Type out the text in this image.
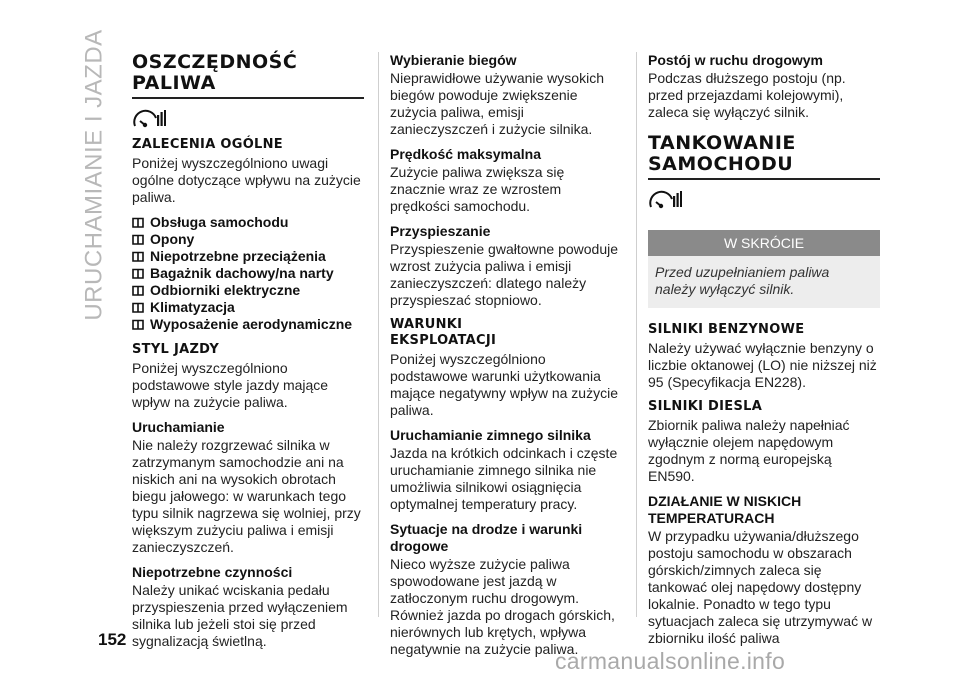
URUCHAMIANIE I JAZDA OSZCZĘDNOŚĆ
PALIWA
ZALECENIA OGÓLNE

Poniżej wyszczególniono uwagi ogólne dotyczące wpływu na zużycie paliwa.

Obsługa samochodu
Opony
Niepotrzebne przeciążenia
Bagażnik dachowy/na narty
Odbiorniki elektryczne
Klimatyzacja
Wyposażenie aerodynamiczne
STYL JAZDY

Poniżej wyszczególniono podstawowe style jazdy mające wpływ na zużycie paliwa.

Uruchamianie

Nie należy rozgrzewać silnika w zatrzymanym samochodzie ani na niskich ani na wysokich obrotach biegu jałowego: w warunkach tego typu silnik nagrzewa się wolniej, przy większym zużyciu paliwa i emisji zanieczyszczeń.

Niepotrzebne czynności

Należy unikać wciskania pedału przyspieszenia przed wyłączeniem silnika lub jeżeli stoi się przed sygnalizacją świetlną.

Wybieranie biegów

Nieprawidłowe używanie wysokich biegów powoduje zwiększenie zużycia paliwa, emisji zanieczyszczeń i zużycie silnika.

Prędkość maksymalna

Zużycie paliwa zwiększa się znacznie wraz ze wzrostem prędkości samochodu.

Przyspieszanie

Przyspieszenie gwałtowne powoduje wzrost zużycia paliwa i emisji zanieczyszczeń: dlatego należy przyspieszać stopniowo.

WARUNKI
EKSPLOATACJI

Poniżej wyszczególniono podstawowe warunki użytkowania mające negatywny wpływ na zużycie paliwa.

Uruchamianie zimnego silnika

Jazda na krótkich odcinkach i częste uruchamianie zimnego silnika nie umożliwia silnikowi osiągnięcia optymalnej temperatury pracy.

Sytuacje na drodze i warunki drogowe

Nieco wyższe zużycie paliwa spowodowane jest jazdą w zatłoczonym ruchu drogowym. Również jazda po drogach górskich, nierównych lub krętych, wpływa negatywnie na zużycie paliwa.

Postój w ruchu drogowym

Podczas dłuższego postoju (np. przed przejazdami kolejowymi), zaleca się wyłączyć silnik.

TANKOWANIE
SAMOCHODU
W SKRÓCIE
Przed uzupełnianiem paliwa należy wyłączyć silnik.
SILNIKI BENZYNOWE

Należy używać wyłącznie benzyny o liczbie oktanowej (LO) nie niższej niż 95 (Specyfikacja EN228).

SILNIKI DIESLA

Zbiornik paliwa należy napełniać wyłącznie olejem napędowym zgodnym z normą europejską EN590.

DZIAŁANIE W NISKICH
TEMPERATURACH

W przypadku używania/dłuższego postoju samochodu w obszarach górskich/zimnych zaleca się tankować olej napędowy dostępny lokalnie. Ponadto w tego typu sytuacjach zaleca się utrzymywać w zbiorniku ilość paliwa

152
carmanualsonline.info
